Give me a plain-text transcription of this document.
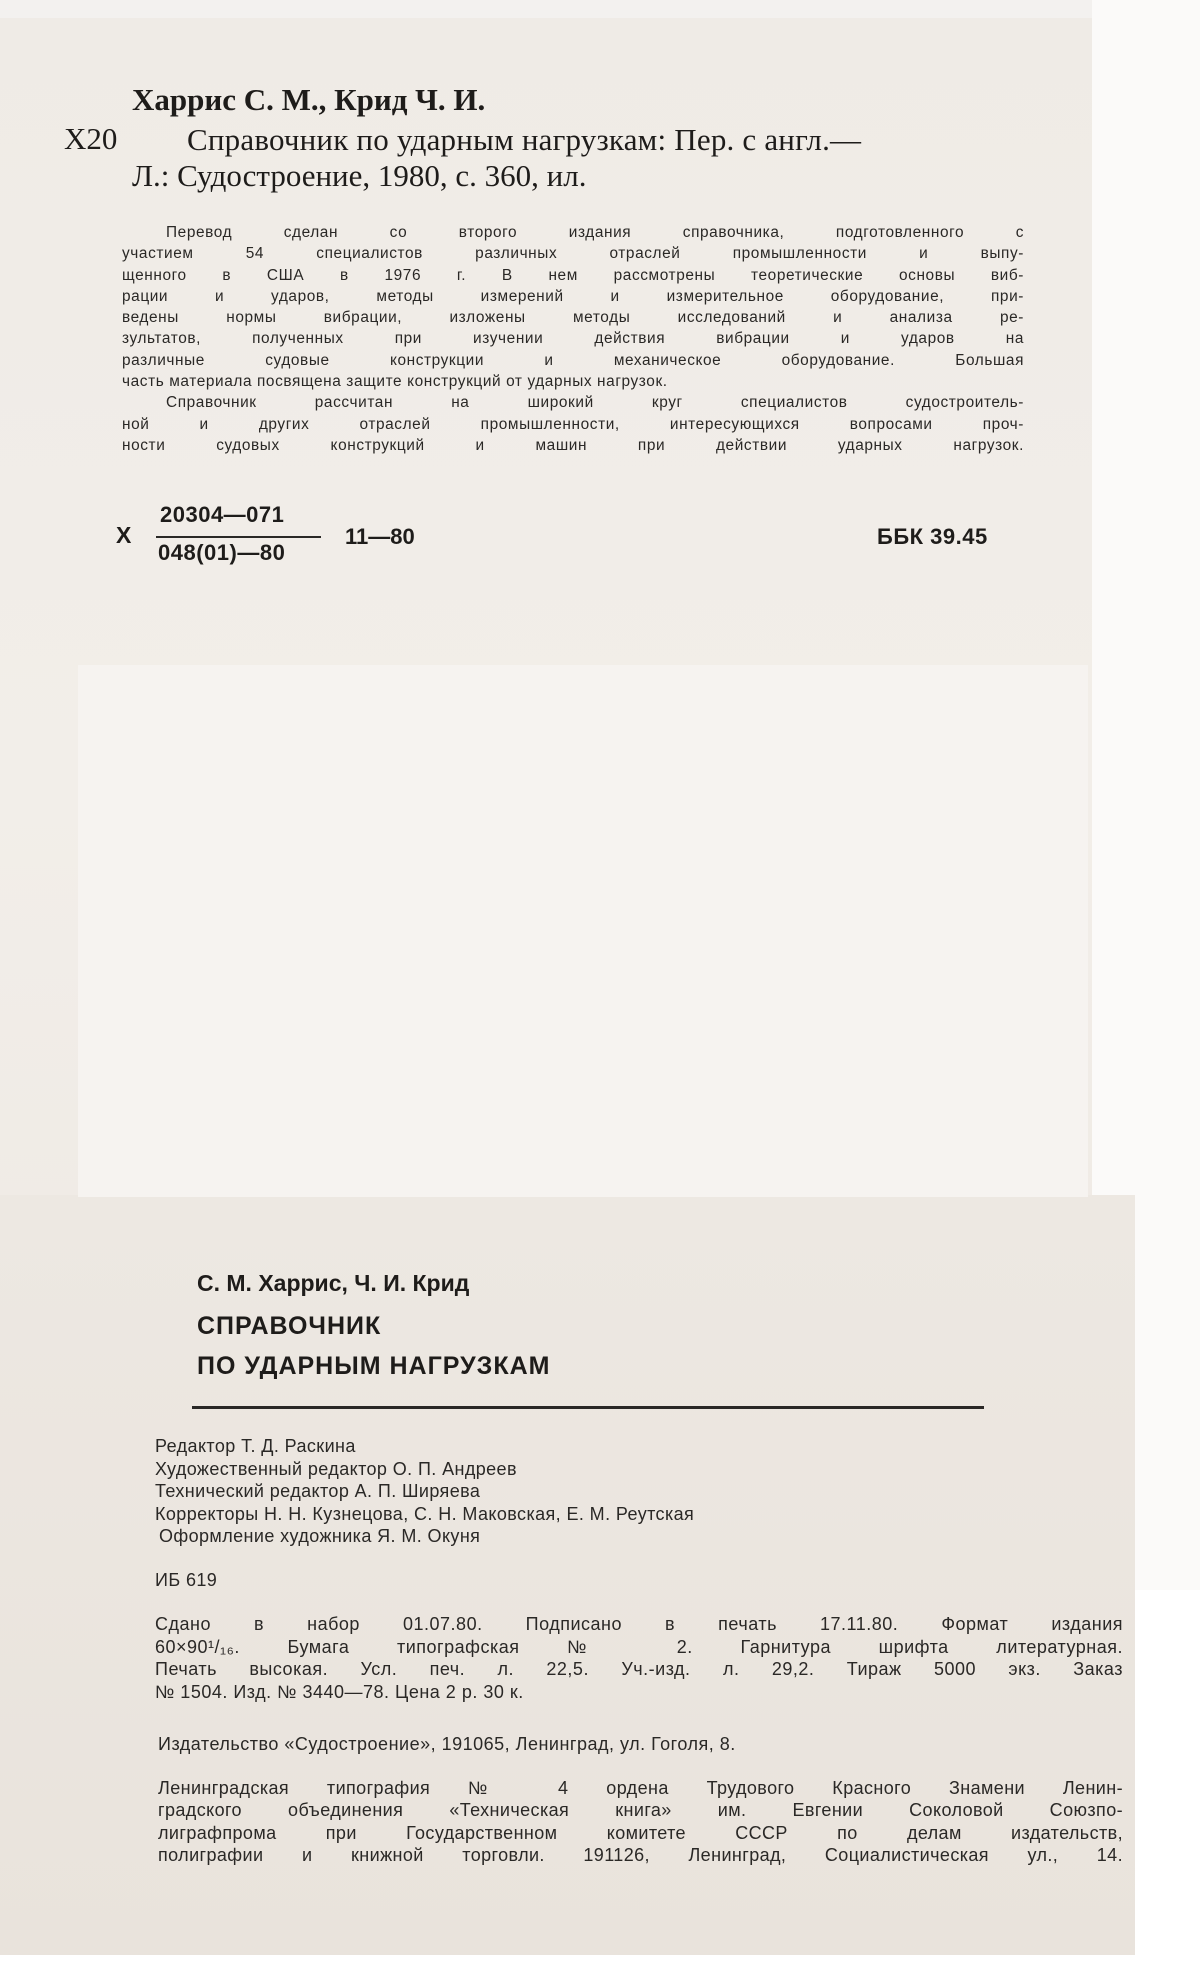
Харрис С. М., Крид Ч. И.
X20 Справочник по ударным нагрузкам: Пер. с англ.—
Л.: Судостроение, 1980, с. 360, ил.

Перевод сделан со второго издания справочника, подготовленного с

участием 54 специалистов различных отраслей промышленности и выпу-

щенного в США в 1976 г. В нем рассмотрены теоретические основы виб-

рации и ударов, методы измерений и измерительное оборудование, при-

ведены нормы вибрации, изложены методы исследований и анализа ре-

зультатов, полученных при изучении действия вибрации и ударов на

различные судовые конструкции и механическое оборудование. Большая

часть материала посвящена защите конструкций от ударных нагрузок.

Справочник рассчитан на широкий круг специалистов судостроитель-

ной и других отраслей промышленности, интересующихся вопросами проч-

ности судовых конструкций и машин при действии ударных нагрузок.

X
20304—071
048(01)—80
11—80	ББК 39.45
С. М. Харрис, Ч. И. Крид
СПРАВОЧНИК
ПО УДАРНЫМ НАГРУЗКАМ
Редактор Т. Д. Раскина
Художественный редактор О. П. Андреев
Технический редактор А. П. Ширяева
Корректоры Н. Н. Кузнецова, С. Н. Маковская, Е. М. Реутская
Оформление художника Я. М. Окуня
ИБ 619

Сдано в набор 01.07.80. Подписано в печать 17.11.80. Формат издания

60×90¹/₁₆. Бумага типографская № 2. Гарнитура шрифта литературная.

Печать высокая. Усл. печ. л. 22,5. Уч.-изд. л. 29,2. Тираж 5000 экз. Заказ

№ 1504. Изд. № 3440—78. Цена 2 р. 30 к.

Издательство «Судостроение», 191065, Ленинград, ул. Гоголя, 8.

Ленинградская типография № 4 ордена Трудового Красного Знамени Ленин-

градского объединения «Техническая книга» им. Евгении Соколовой Союзпо-

лиграфпрома при Государственном комитете СССР по делам издательств,

полиграфии и книжной торговли. 191126, Ленинград, Социалистическая ул., 14.
